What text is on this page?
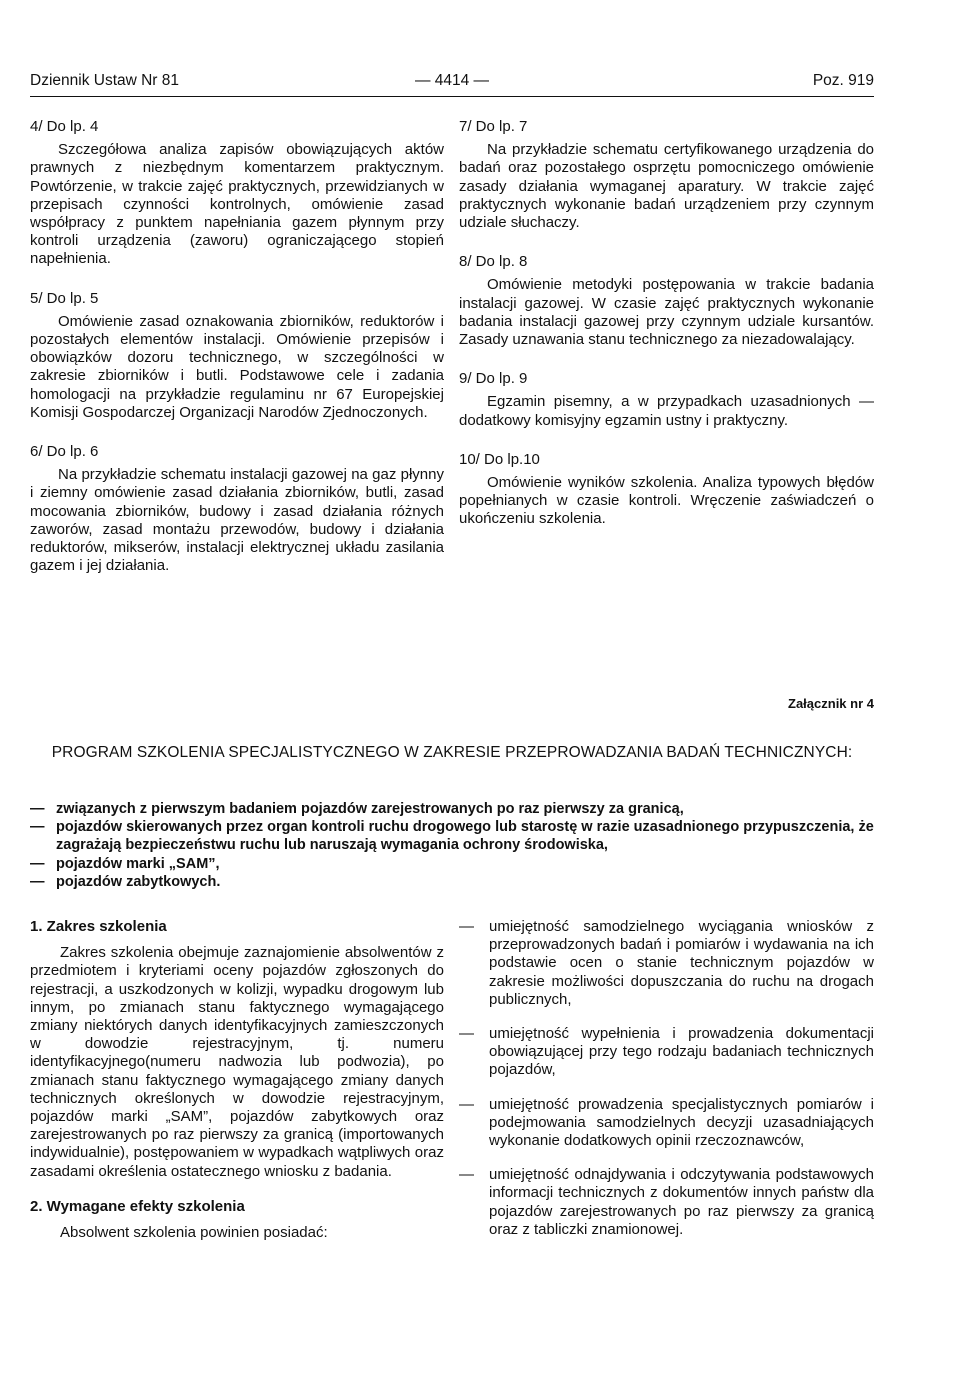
Dziennik Ustaw Nr 81	— 4414 —	Poz. 919

4/ Do lp. 4

Szczegółowa analiza zapisów obowiązujących aktów prawnych z niezbędnym komentarzem praktycznym. Powtórzenie, w trakcie zajęć praktycznych, przewidzianych w przepisach czynności kontrolnych, omówienie zasad współpracy z punktem napełniania gazem płynnym przy kontroli urządzenia (zaworu) ograniczającego stopień napełnienia.

5/ Do lp. 5

Omówienie zasad oznakowania zbiorników, reduktorów i pozostałych elementów instalacji. Omówienie przepisów i obowiązków dozoru technicznego, w szczególności w zakresie zbiorników i butli. Podstawowe cele i zadania homologacji na przykładzie regulaminu nr 67 Europejskiej Komisji Gospodarczej Organizacji Narodów Zjednoczonych.

6/ Do lp. 6

Na przykładzie schematu instalacji gazowej na gaz płynny i ziemny omówienie zasad działania zbiorników, butli, zasad mocowania zbiorników, budowy i zasad działania różnych zaworów, zasad montażu przewodów, budowy i działania reduktorów, mikserów, instalacji elektrycznej układu zasilania gazem i jej działania.

7/ Do lp. 7

Na przykładzie schematu certyfikowanego urządzenia do badań oraz pozostałego osprzętu pomocniczego omówienie zasady działania wymaganej aparatury. W trakcie zajęć praktycznych wykonanie badań urządzeniem przy czynnym udziale słuchaczy.

8/ Do lp. 8

Omówienie metodyki postępowania w trakcie badania instalacji gazowej. W czasie zajęć praktycznych wykonanie badania instalacji gazowej przy czynnym udziale kursantów. Zasady uznawania stanu technicznego za niezadowalający.

9/ Do lp. 9

Egzamin pisemny, a w przypadkach uzasadnionych — dodatkowy komisyjny egzamin ustny i praktyczny.

10/ Do lp.10

Omówienie wyników szkolenia. Analiza typowych błędów popełnianych w czasie kontroli. Wręczenie zaświadczeń o ukończeniu szkolenia.

Załącznik nr 4
PROGRAM SZKOLENIA SPECJALISTYCZNEGO W ZAKRESIE PRZEPROWADZANIA BADAŃ TECHNICZNYCH:
— związanych z pierwszym badaniem pojazdów zarejestrowanych po raz pierwszy za granicą,
— pojazdów skierowanych przez organ kontroli ruchu drogowego lub starostę w razie uzasadnionego przypuszczenia, że zagrażają bezpieczeństwu ruchu lub naruszają wymagania ochrony środowiska,
— pojazdów marki „SAM”,
— pojazdów zabytkowych.

1. Zakres szkolenia

Zakres szkolenia obejmuje zaznajomienie absolwentów z przedmiotem i kryteriami oceny pojazdów zgłoszonych do rejestracji, a uszkodzonych w kolizji, wypadku drogowym lub innym, po zmianach stanu faktycznego wymagającego zmiany niektórych danych identyfikacyjnych zamieszczonych w dowodzie rejestracyjnym, tj. numeru identyfikacyjnego(numeru nadwozia lub podwozia), po zmianach stanu faktycznego wymagającego zmiany danych technicznych określonych w dowodzie rejestracyjnym, pojazdów marki „SAM”, pojazdów zabytkowych oraz zarejestrowanych po raz pierwszy za granicą (importowanych indywidualnie), postępowaniem w wypadkach wątpliwych oraz zasadami określenia ostatecznego wniosku z badania.

2. Wymagane efekty szkolenia

Absolwent szkolenia powinien posiadać:

—	umiejętność samodzielnego wyciągania wniosków z przeprowadzonych badań i pomiarów i wydawania na ich podstawie ocen o stanie technicznym pojazdów w zakresie możliwości dopuszczania do ruchu na drogach publicznych,
—	umiejętność wypełnienia i prowadzenia dokumentacji obowiązującej przy tego rodzaju badaniach technicznych pojazdów,
—	umiejętność prowadzenia specjalistycznych pomiarów i podejmowania samodzielnych decyzji uzasadniających wykonanie dodatkowych opinii rzeczoznawców,
—	umiejętność odnajdywania i odczytywania podstawowych informacji technicznych z dokumentów innych państw dla pojazdów zarejestrowanych po raz pierwszy za granicą oraz z tabliczki znamionowej.
